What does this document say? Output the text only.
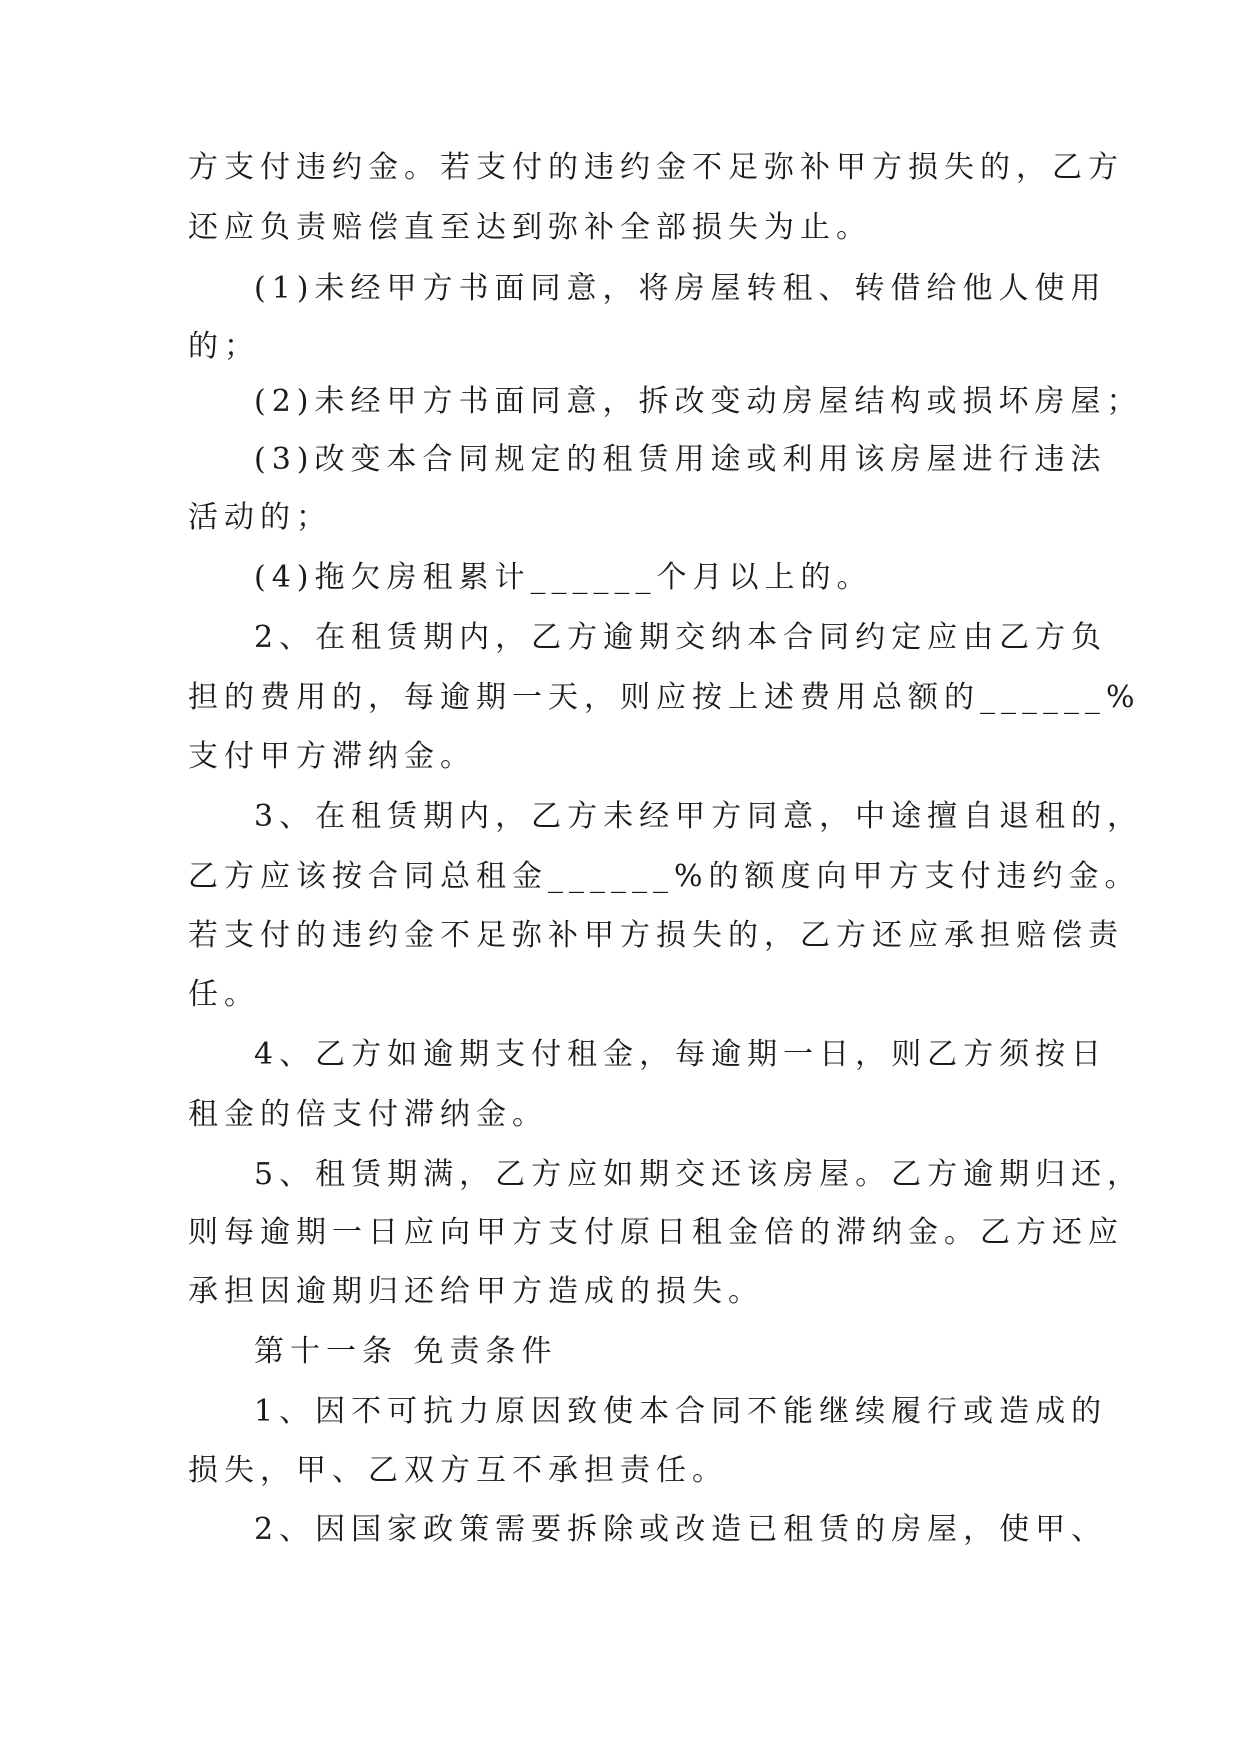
方支付违约金。若支付的违约金不足弥补甲方损失的，乙方

还应负责赔偿直至达到弥补全部损失为止。

(1)未经甲方书面同意，将房屋转租、转借给他人使用

的；

(2)未经甲方书面同意，拆改变动房屋结构或损坏房屋；

(3)改变本合同规定的租赁用途或利用该房屋进行违法

活动的；

(4)拖欠房租累计______个月以上的。

2、在租赁期内，乙方逾期交纳本合同约定应由乙方负

担的费用的，每逾期一天，则应按上述费用总额的______%

支付甲方滞纳金。

3、在租赁期内，乙方未经甲方同意，中途擅自退租的，

乙方应该按合同总租金______%的额度向甲方支付违约金。

若支付的违约金不足弥补甲方损失的，乙方还应承担赔偿责

任。

4、乙方如逾期支付租金，每逾期一日，则乙方须按日

租金的倍支付滞纳金。

5、租赁期满，乙方应如期交还该房屋。乙方逾期归还，

则每逾期一日应向甲方支付原日租金倍的滞纳金。乙方还应

承担因逾期归还给甲方造成的损失。

第十一条 免责条件

1、因不可抗力原因致使本合同不能继续履行或造成的

损失，甲、乙双方互不承担责任。

2、因国家政策需要拆除或改造已租赁的房屋，使甲、
